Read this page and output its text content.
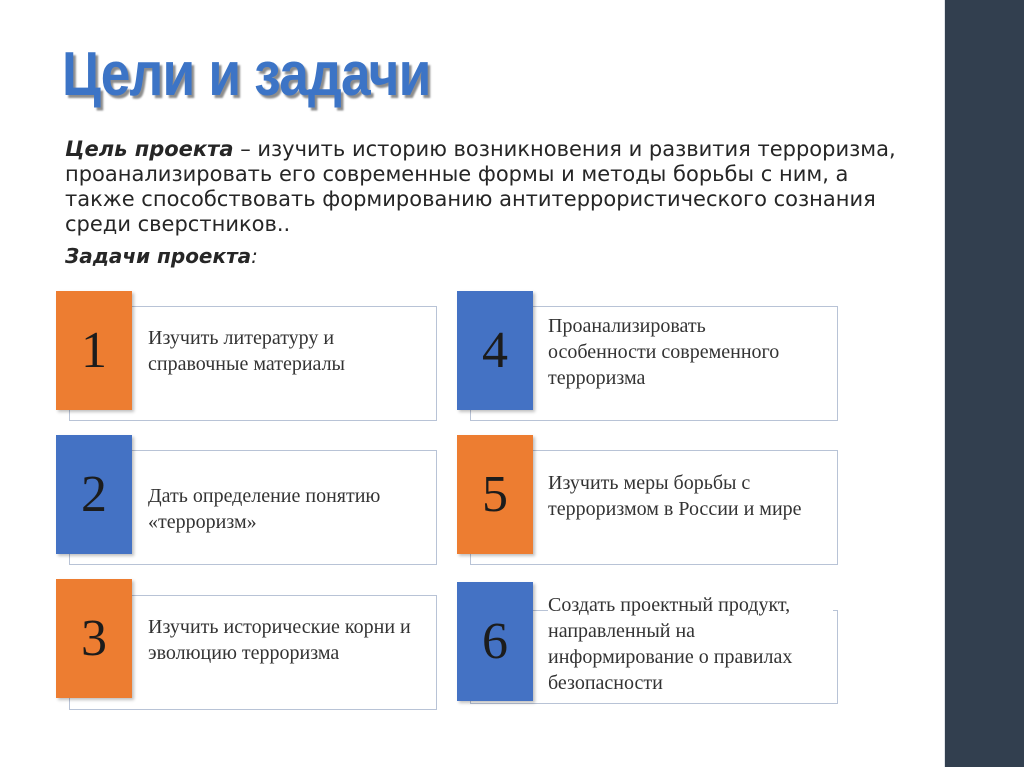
Цели и задачи
Цель проекта – изучить историю возникновения и развития терроризма, проанализировать его современные формы и методы борьбы с ним, а также способствовать формированию антитеррористического сознания среди сверстников..
Задачи проекта:
1	Изучить литературу и справочные материалы
2	Дать определение понятию «терроризм»
3	Изучить исторические корни и эволюцию терроризма
4	Проанализировать особенности современного терроризма
5	Изучить меры борьбы с терроризмом в России и мире
6
Создать проектный продукт, направленный на информирование о правилах безопасности
